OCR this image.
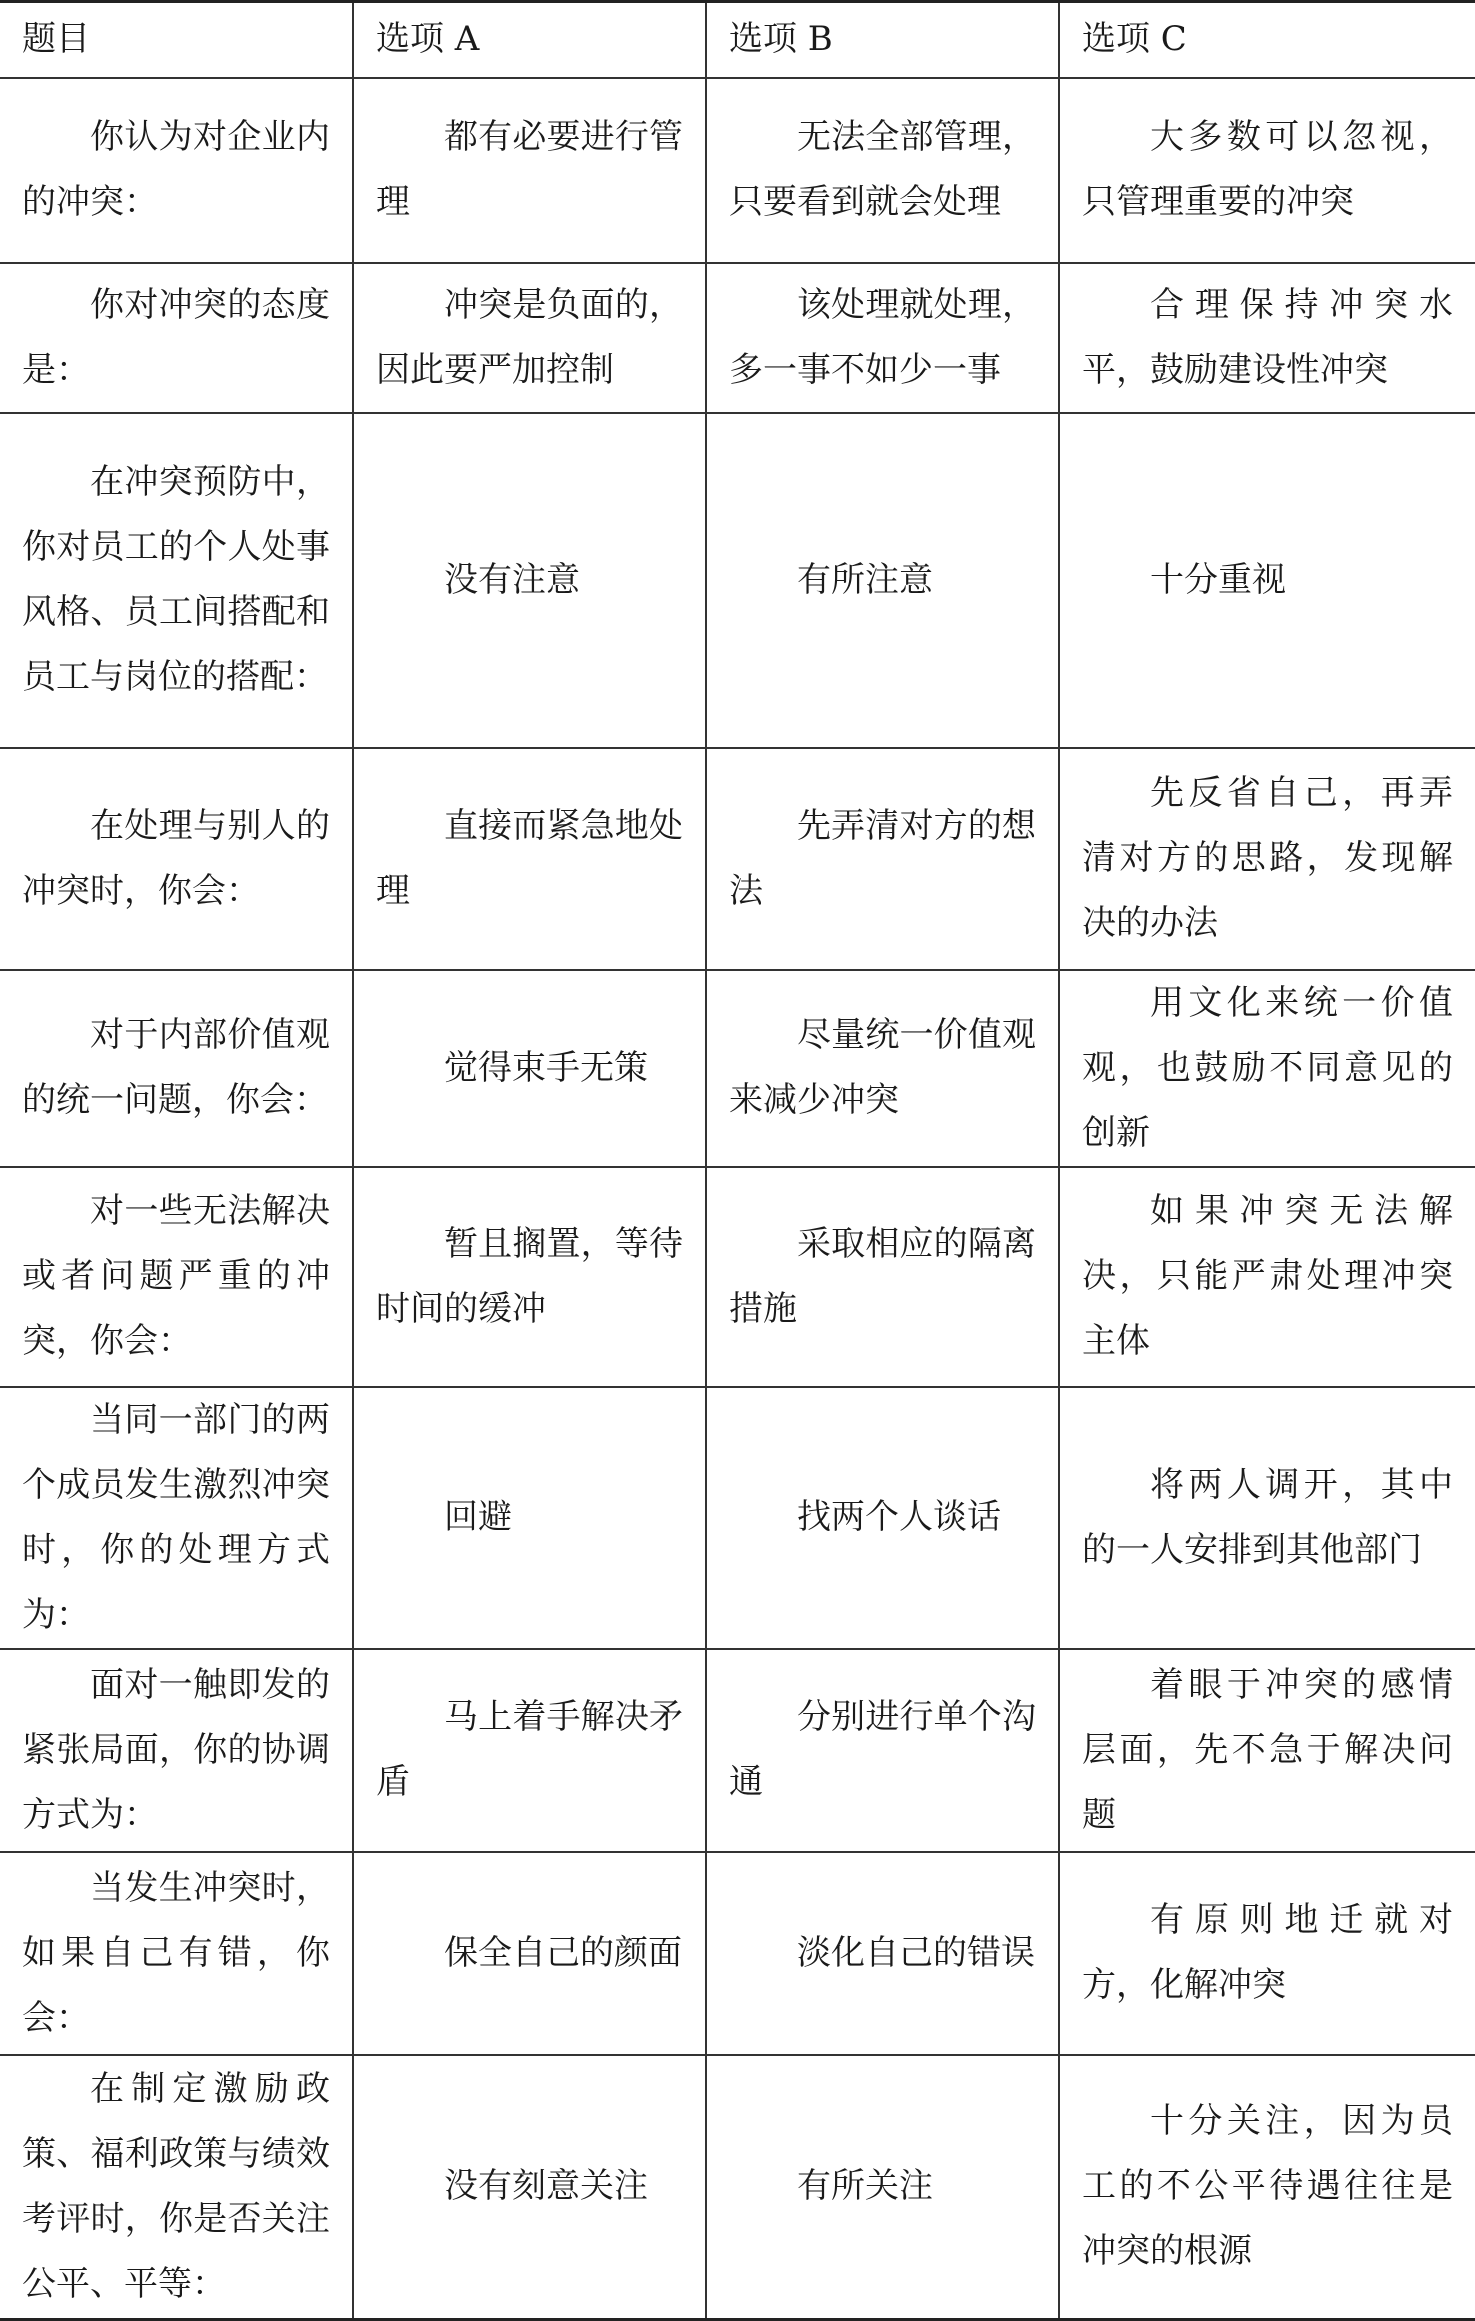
题目	选项 A	选项 B	选项 C

你认为对企业内的冲突：	都有必要进行管理	无法全部管理，只要看到就会处理	大多数可以忽视，只管理重要的冲突

你对冲突的态度是：	冲突是负面的，因此要严加控制	该处理就处理，多一事不如少一事	合理保持冲突水平，鼓励建设性冲突

在冲突预防中，你对员工的个人处事风格、员工间搭配和员工与岗位的搭配：	没有注意	有所注意	十分重视

在处理与别人的冲突时，你会：	直接而紧急地处理	先弄清对方的想法	先反省自己，再弄清对方的思路，发现解决的办法

对于内部价值观的统一问题，你会：	觉得束手无策	尽量统一价值观来减少冲突	用文化来统一价值观，也鼓励不同意见的创新

对一些无法解决或者问题严重的冲突，你会：	暂且搁置，等待时间的缓冲	采取相应的隔离措施	如果冲突无法解决，只能严肃处理冲突主体

当同一部门的两个成员发生激烈冲突时，你的处理方式为：	回避	找两个人谈话	将两人调开，其中的一人安排到其他部门

面对一触即发的紧张局面，你的协调方式为：	马上着手解决矛盾	分别进行单个沟通	着眼于冲突的感情层面，先不急于解决问题

当发生冲突时，如果自己有错，你会：	保全自己的颜面	淡化自己的错误	有原则地迁就对方，化解冲突

在制定激励政策、福利政策与绩效考评时，你是否关注公平、平等：	没有刻意关注	有所关注	十分关注，因为员工的不公平待遇往往是冲突的根源
